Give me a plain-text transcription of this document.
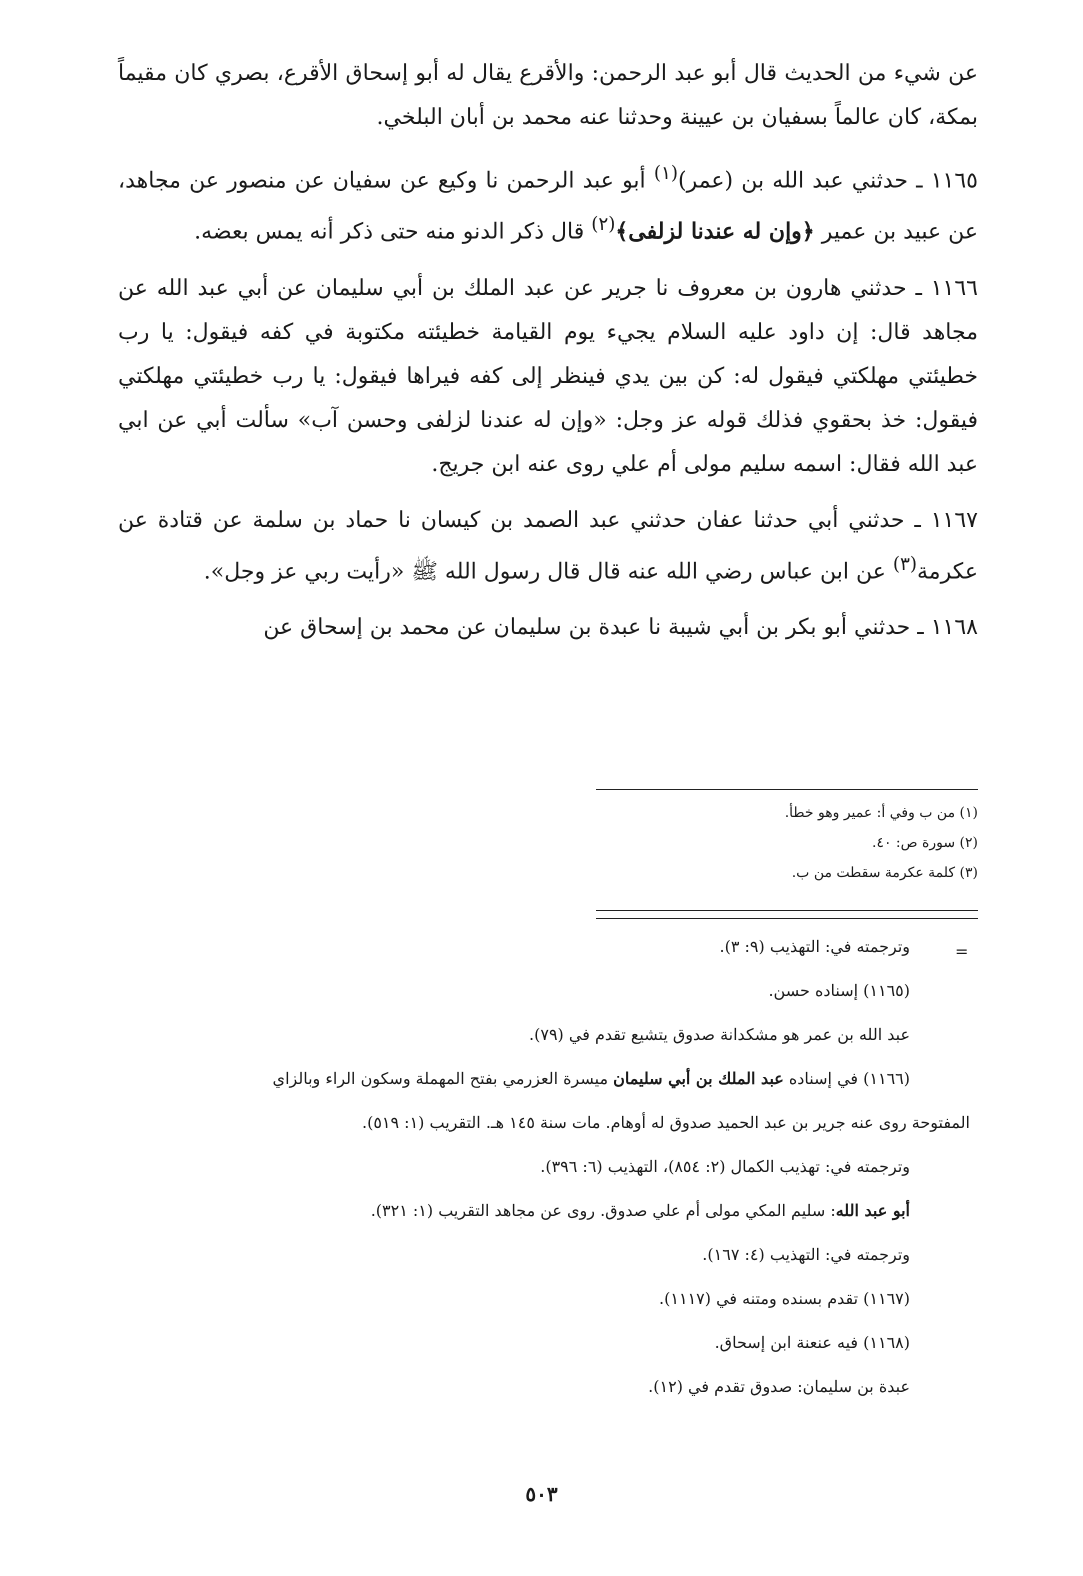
عن شيء من الحديث قال أبو عبد الرحمن: والأقرع يقال له أبو إسحاق الأقرع، بصري كان مقيماً بمكة، كان عالماً بسفيان بن عيينة وحدثنا عنه محمد بن أبان البلخي.

١١٦٥ ـ حدثني عبد الله بن (عمر)$^{(١)}$ أبو عبد الرحمن نا وكيع عن سفيان عن منصور عن مجاهد، عن عبيد بن عمير ﴿وإن له عندنا لزلفى﴾$^{(٢)}$ قال ذكر الدنو منه حتى ذكر أنه يمس بعضه.

١١٦٦ ـ حدثني هارون بن معروف نا جرير عن عبد الملك بن أبي سليمان عن أبي عبد الله عن مجاهد قال: إن داود عليه السلام يجيء يوم القيامة خطيئته مكتوبة في كفه فيقول: يا رب خطيئتي مهلكتي فيقول له: كن بين يدي فينظر إلى كفه فيراها فيقول: يا رب خطيئتي مهلكتي فيقول: خذ بحقوي فذلك قوله عز وجل: «وإن له عندنا لزلفى وحسن آب» سألت أبي عن ابي عبد الله فقال: اسمه سليم مولى أم علي روى عنه ابن جريج.

١١٦٧ ـ حدثني أبي حدثنا عفان حدثني عبد الصمد بن كيسان نا حماد بن سلمة عن قتادة عن عكرمة$^{(٣)}$ عن ابن عباس رضي الله عنه قال قال رسول الله ﷺ «رأيت ربي عز وجل».

١١٦٨ ـ حدثني أبو بكر بن أبي شيبة نا عبدة بن سليمان عن محمد بن إسحاق عن

(١) من ب وفي أ: عمير وهو خطأ.

(٢) سورة ص: ٤٠.

(٣) كلمة عكرمة سقطت من ب.

=

وترجمته في: التهذيب (٩: ٣).

(١١٦٥) إسناده حسن.

عبد الله بن عمر هو مشكدانة صدوق يتشيع تقدم في (٧٩).

(١١٦٦) في إسناده عبد الملك بن أبي سليمان ميسرة العزرمي بفتح المهملة وسكون الراء وبالزاي

المفتوحة روى عنه جرير بن عبد الحميد صدوق له أوهام. مات سنة ١٤٥ هـ. التقريب (١: ٥١٩).

وترجمته في: تهذيب الكمال (٢: ٨٥٤)، التهذيب (٦: ٣٩٦).

أبو عبد الله: سليم المكي مولى أم علي صدوق. روى عن مجاهد التقريب (١: ٣٢١).

وترجمته في: التهذيب (٤: ١٦٧).

(١١٦٧) تقدم بسنده ومتنه في (١١١٧).

(١١٦٨) فيه عنعنة ابن إسحاق.

عبدة بن سليمان: صدوق تقدم في (١٢).

٥٠٣
